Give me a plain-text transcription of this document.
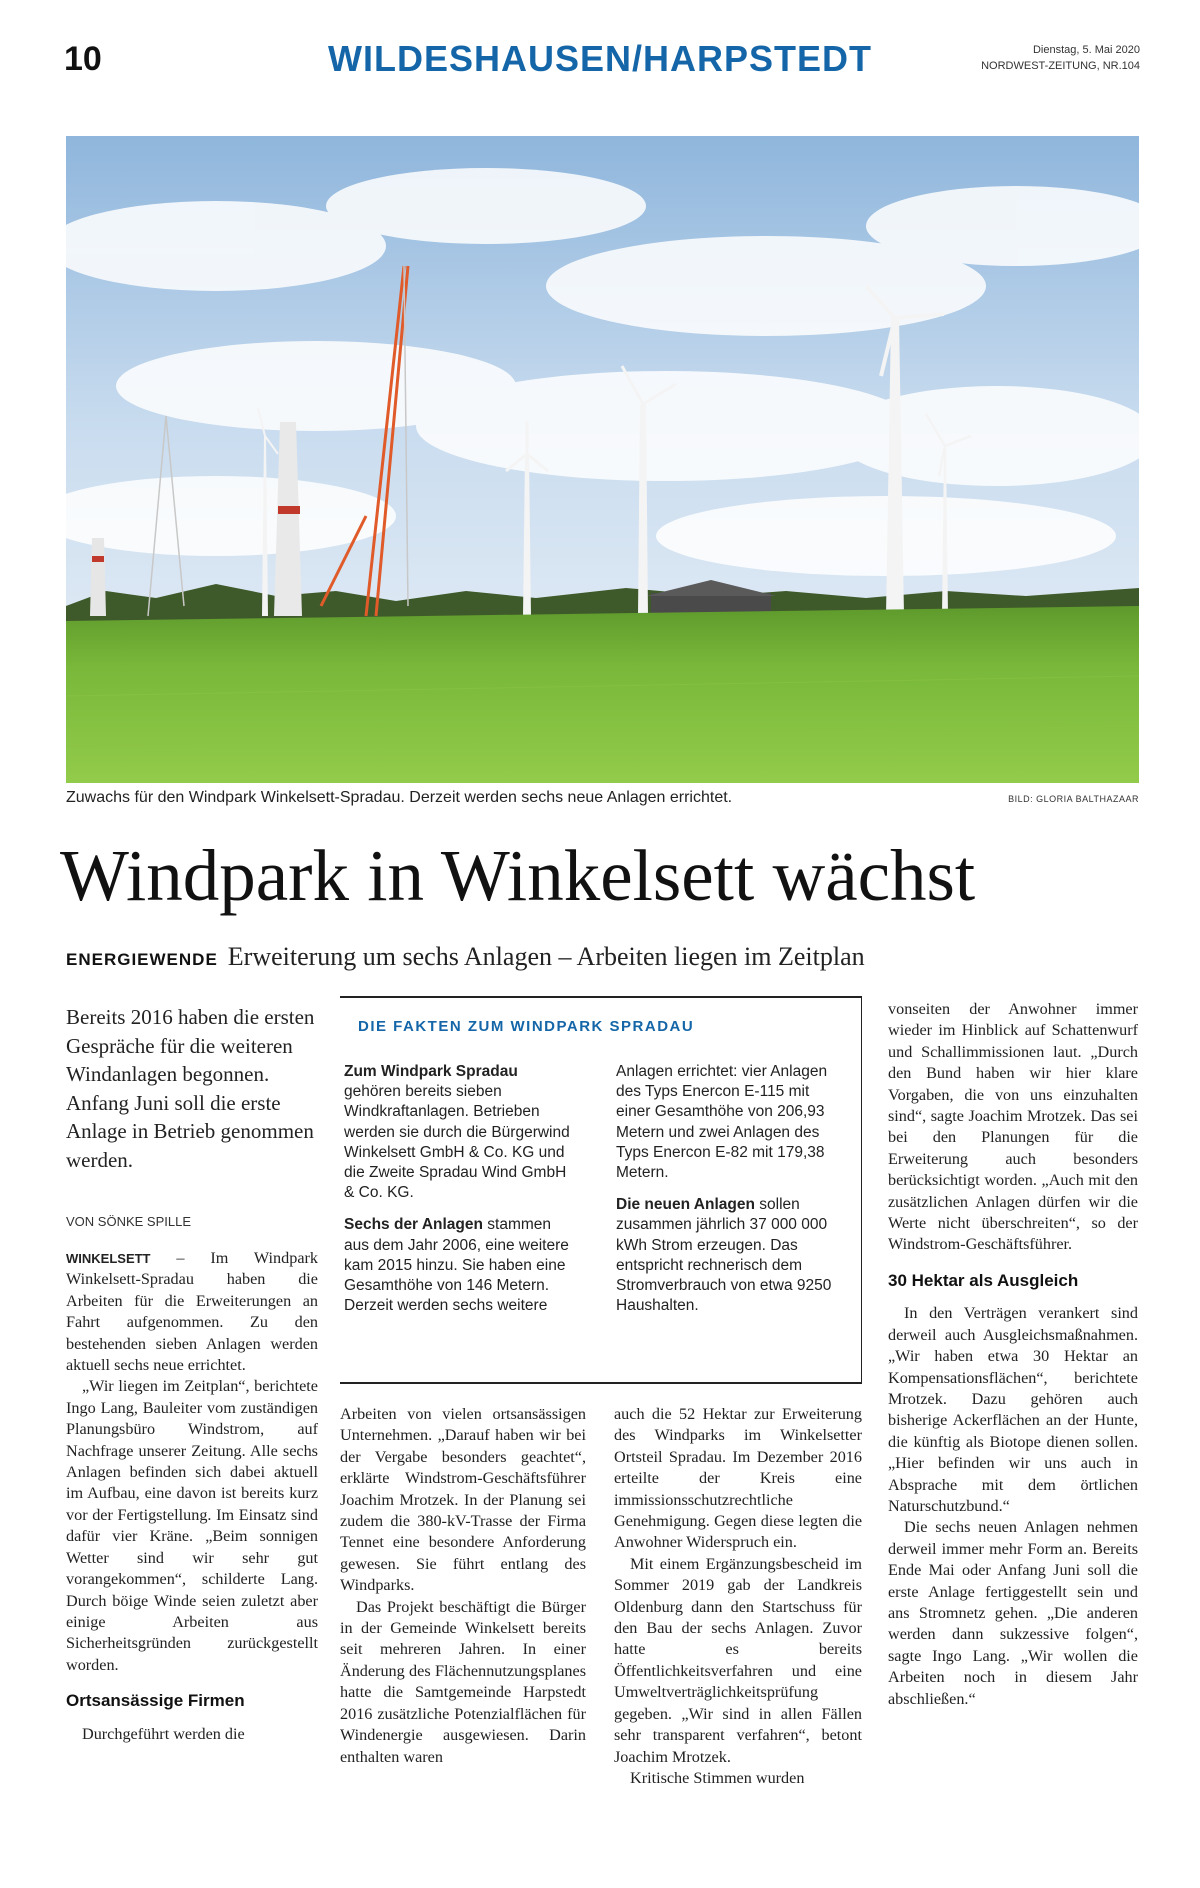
10	WILDESHAUSEN/HARPSTEDT	Dienstag, 5. Mai 2020
NORDWEST-ZEITUNG, NR.104
Zuwachs für den Windpark Winkelsett-Spradau. Derzeit werden sechs neue Anlagen errichtet.	BILD: GLORIA BALTHAZAAR
Windpark in Winkelsett wächst
ENERGIEWENDE Erweiterung um sechs Anlagen – Arbeiten liegen im Zeitplan
Bereits 2016 haben die ersten Gespräche für die weiteren Windanlagen begonnen. Anfang Juni soll die erste Anlage in Betrieb genommen werden.
VON SÖNKE SPILLE

WINKELSETT – Im Windpark Winkelsett-Spradau haben die Arbeiten für die Erweiterungen an Fahrt aufgenommen. Zu den bestehenden sieben Anlagen werden aktuell sechs neue errichtet.

„Wir liegen im Zeitplan“, berichtete Ingo Lang, Bauleiter vom zuständigen Planungsbüro Windstrom, auf Nachfrage unserer Zeitung. Alle sechs Anlagen befinden sich dabei aktuell im Aufbau, eine davon ist bereits kurz vor der Fertigstellung. Im Einsatz sind dafür vier Kräne. „Beim sonnigen Wetter sind wir sehr gut vorangekommen“, schilderte Lang. Durch böige Winde seien zuletzt aber einige Arbeiten aus Sicherheitsgründen zurückgestellt worden.

Ortsansässige Firmen

Durchgeführt werden die

DIE FAKTEN ZUM WINDPARK SPRADAU

Zum Windpark Spradau gehören bereits sieben Windkraftanlagen. Betrieben werden sie durch die Bürgerwind Winkelsett GmbH & Co. KG und die Zweite Spradau Wind GmbH & Co. KG.

Sechs der Anlagen stammen aus dem Jahr 2006, eine weitere kam 2015 hinzu. Sie haben eine Gesamthöhe von 146 Metern. Derzeit werden sechs weitere

Anlagen errichtet: vier Anlagen des Typs Enercon E-115 mit einer Gesamthöhe von 206,93 Metern und zwei Anlagen des Typs Enercon E-82 mit 179,38 Metern.

Die neuen Anlagen sollen zusammen jährlich 37 000 000 kWh Strom erzeugen. Das entspricht rechnerisch dem Stromverbrauch von etwa 9250 Haushalten.

Arbeiten von vielen ortsansässigen Unternehmen. „Darauf haben wir bei der Vergabe besonders geachtet“, erklärte Windstrom-Geschäftsführer Joachim Mrotzek. In der Planung sei zudem die 380-kV-Trasse der Firma Tennet eine besondere Anforderung gewesen. Sie führt entlang des Windparks.

Das Projekt beschäftigt die Bürger in der Gemeinde Winkelsett bereits seit mehreren Jahren. In einer Änderung des Flächennutzungsplanes hatte die Samtgemeinde Harpstedt 2016 zusätzliche Potenzialflächen für Windenergie ausgewiesen. Darin enthalten waren

auch die 52 Hektar zur Erweiterung des Windparks im Winkelsetter Ortsteil Spradau. Im Dezember 2016 erteilte der Kreis eine immissionsschutzrechtliche Genehmigung. Gegen diese legten die Anwohner Widerspruch ein.

Mit einem Ergänzungsbescheid im Sommer 2019 gab der Landkreis Oldenburg dann den Startschuss für den Bau der sechs Anlagen. Zuvor hatte es bereits Öffentlichkeitsverfahren und eine Umweltverträglichkeitsprüfung gegeben. „Wir sind in allen Fällen sehr transparent verfahren“, betont Joachim Mrotzek.

Kritische Stimmen wurden

vonseiten der Anwohner immer wieder im Hinblick auf Schattenwurf und Schallimmissionen laut. „Durch den Bund haben wir hier klare Vorgaben, die von uns einzuhalten sind“, sagte Joachim Mrotzek. Das sei bei den Planungen für die Erweiterung auch besonders berücksichtigt worden. „Auch mit den zusätzlichen Anlagen dürfen wir die Werte nicht überschreiten“, so der Windstrom-Geschäftsführer.

30 Hektar als Ausgleich

In den Verträgen verankert sind derweil auch Ausgleichsmaßnahmen. „Wir haben etwa 30 Hektar an Kompensationsflächen“, berichtete Mrotzek. Dazu gehören auch bisherige Ackerflächen an der Hunte, die künftig als Biotope dienen sollen. „Hier befinden wir uns auch in Absprache mit dem örtlichen Naturschutzbund.“

Die sechs neuen Anlagen nehmen derweil immer mehr Form an. Bereits Ende Mai oder Anfang Juni soll die erste Anlage fertiggestellt sein und ans Stromnetz gehen. „Die anderen werden dann sukzessive folgen“, sagte Ingo Lang. „Wir wollen die Arbeiten noch in diesem Jahr abschließen.“
